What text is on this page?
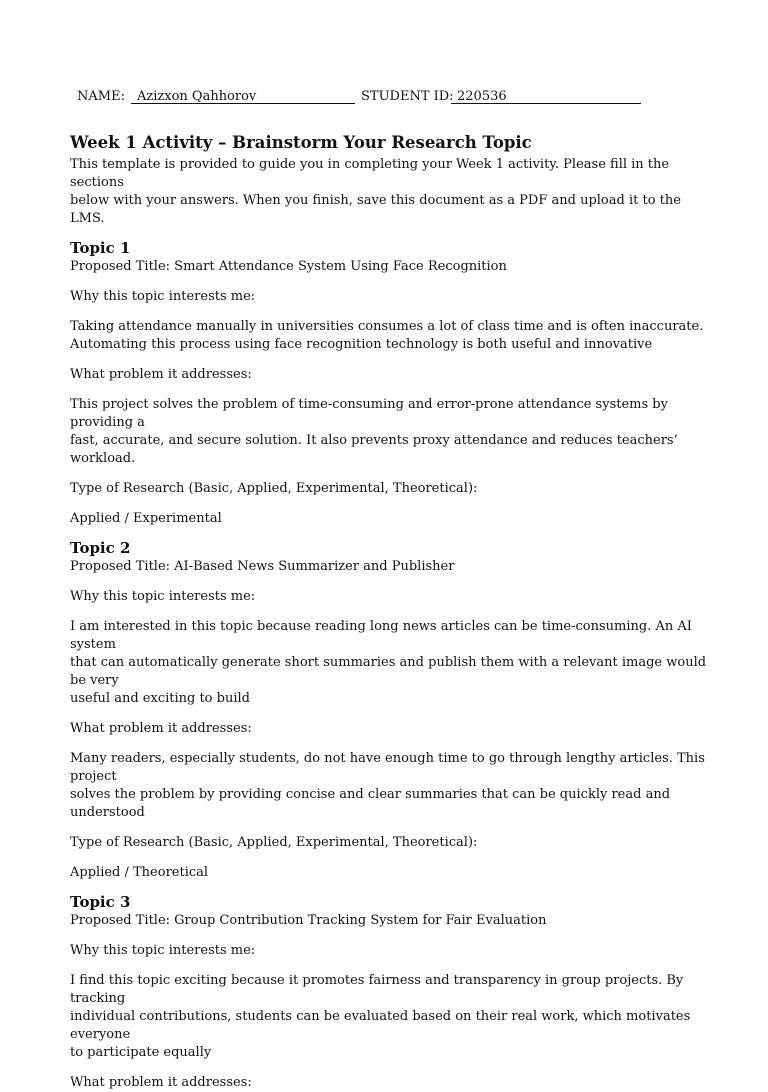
NAME: Azizxon Qahhorov	STUDENT ID: 220536
Week 1 Activity – Brainstorm Your Research Topic

This template is provided to guide you in completing your Week 1 activity. Please fill in the sections

below with your answers. When you finish, save this document as a PDF and upload it to the LMS.

Topic 1

Proposed Title: Smart Attendance System Using Face Recognition

Why this topic interests me:

Taking attendance manually in universities consumes a lot of class time and is often inaccurate.

Automating this process using face recognition technology is both useful and innovative

What problem it addresses:

This project solves the problem of time-consuming and error-prone attendance systems by providing a

fast, accurate, and secure solution. It also prevents proxy attendance and reduces teachers’ workload.

Type of Research (Basic, Applied, Experimental, Theoretical):

Applied / Experimental

Topic 2

Proposed Title: AI-Based News Summarizer and Publisher

Why this topic interests me:

I am interested in this topic because reading long news articles can be time-consuming. An AI system

that can automatically generate short summaries and publish them with a relevant image would be very

useful and exciting to build

What problem it addresses:

Many readers, especially students, do not have enough time to go through lengthy articles. This project

solves the problem by providing concise and clear summaries that can be quickly read and understood

Type of Research (Basic, Applied, Experimental, Theoretical):

Applied / Theoretical

Topic 3

Proposed Title: Group Contribution Tracking System for Fair Evaluation

Why this topic interests me:

I find this topic exciting because it promotes fairness and transparency in group projects. By tracking

individual contributions, students can be evaluated based on their real work, which motivates everyone

to participate equally

What problem it addresses:
